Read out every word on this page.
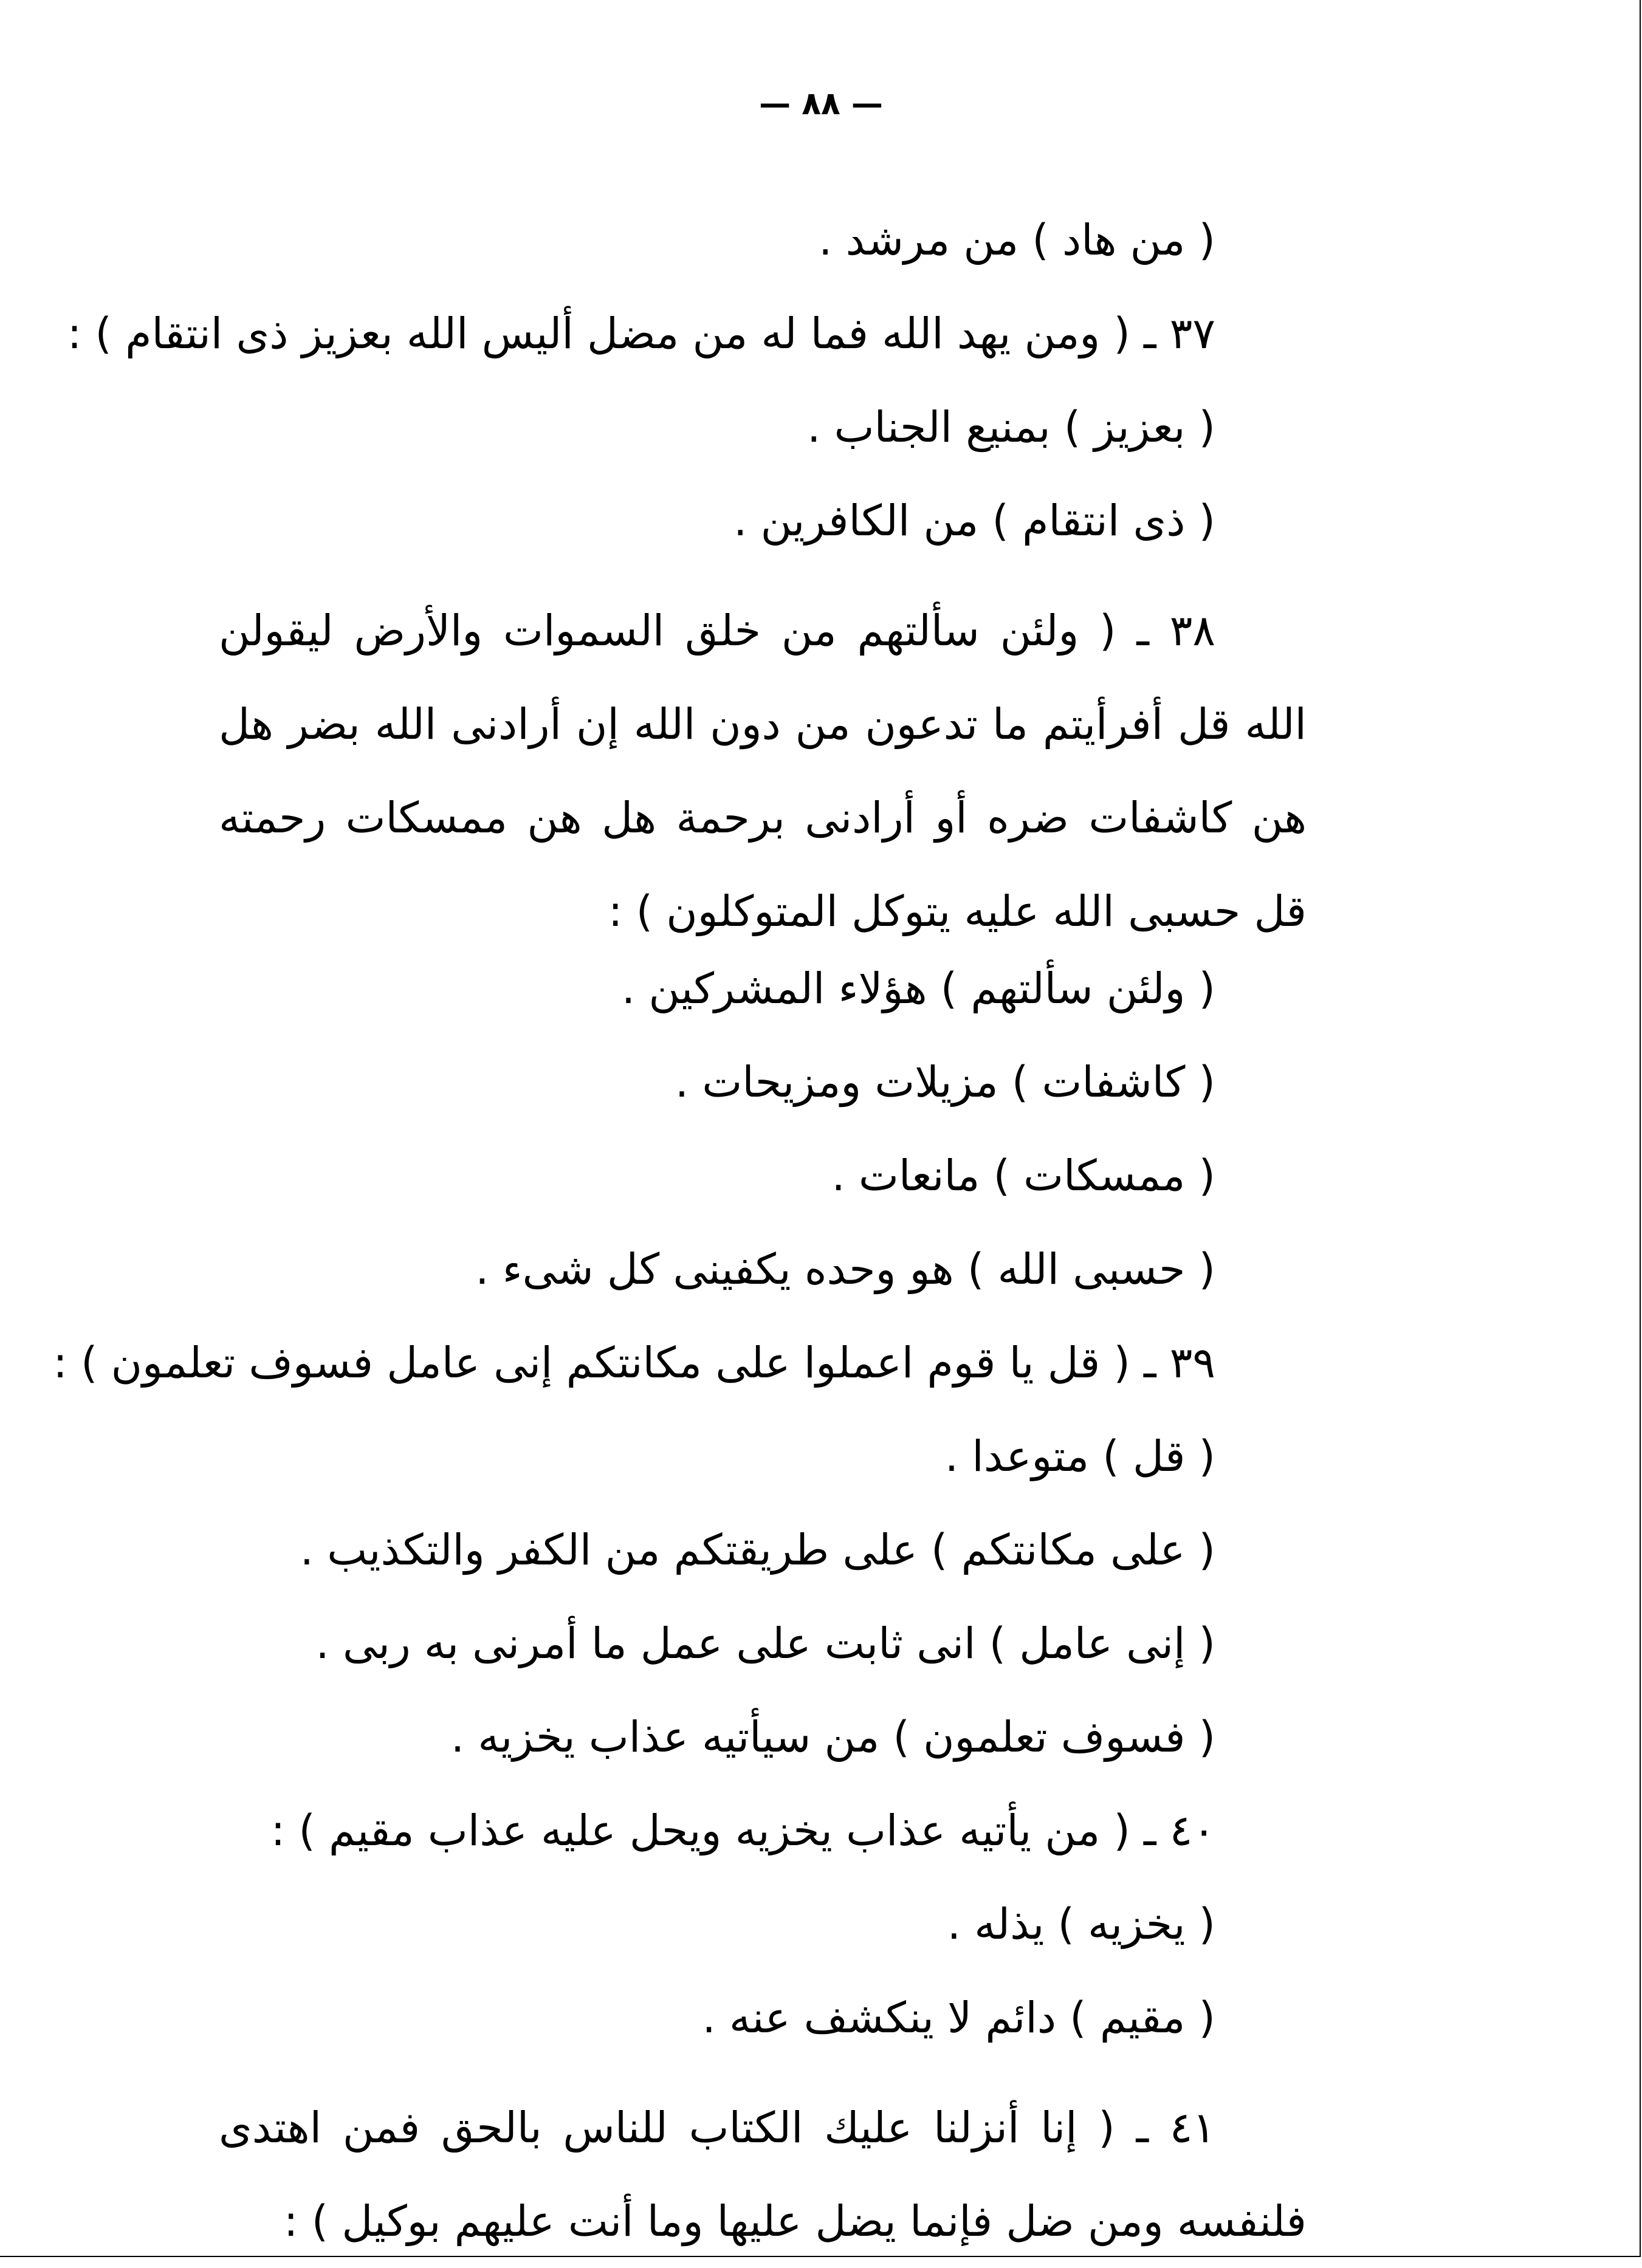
— ٨٨ —

( من هاد ) من مرشد .

٣٧ ـ ( ومن يهد الله فما له من مضل أليس الله بعزيز ذى انتقام ) :

( بعزيز ) بمنيع الجناب .

( ذى انتقام ) من الكافرين .

٣٨ ـ ( ولئن سألتهم من خلق السموات والأرض ليقولن الله قل أفرأيتم ما تدعون من دون الله إن أرادنى الله بضر هل هن كاشفات ضره أو أرادنى برحمة هل هن ممسكات رحمته قل حسبى الله عليه يتوكل المتوكلون ) :

( ولئن سألتهم ) هؤلاء المشركين .

( كاشفات ) مزيلات ومزيحات .

( ممسكات ) مانعات .

( حسبى الله ) هو وحده يكفينى كل شىء .

٣٩ ـ ( قل يا قوم اعملوا على مكانتكم إنى عامل فسوف تعلمون ) :

( قل ) متوعدا .

( على مكانتكم ) على طريقتكم من الكفر والتكذيب .

( إنى عامل ) انى ثابت على عمل ما أمرنى به ربى .

( فسوف تعلمون ) من سيأتيه عذاب يخزيه .

٤٠ ـ ( من يأتيه عذاب يخزيه ويحل عليه عذاب مقيم ) :

( يخزيه ) يذله .

( مقيم ) دائم لا ينكشف عنه .

٤١ ـ ( إنا أنزلنا عليك الكتاب للناس بالحق فمن اهتدى فلنفسه ومن ضل فإنما يضل عليها وما أنت عليهم بوكيل ) :
